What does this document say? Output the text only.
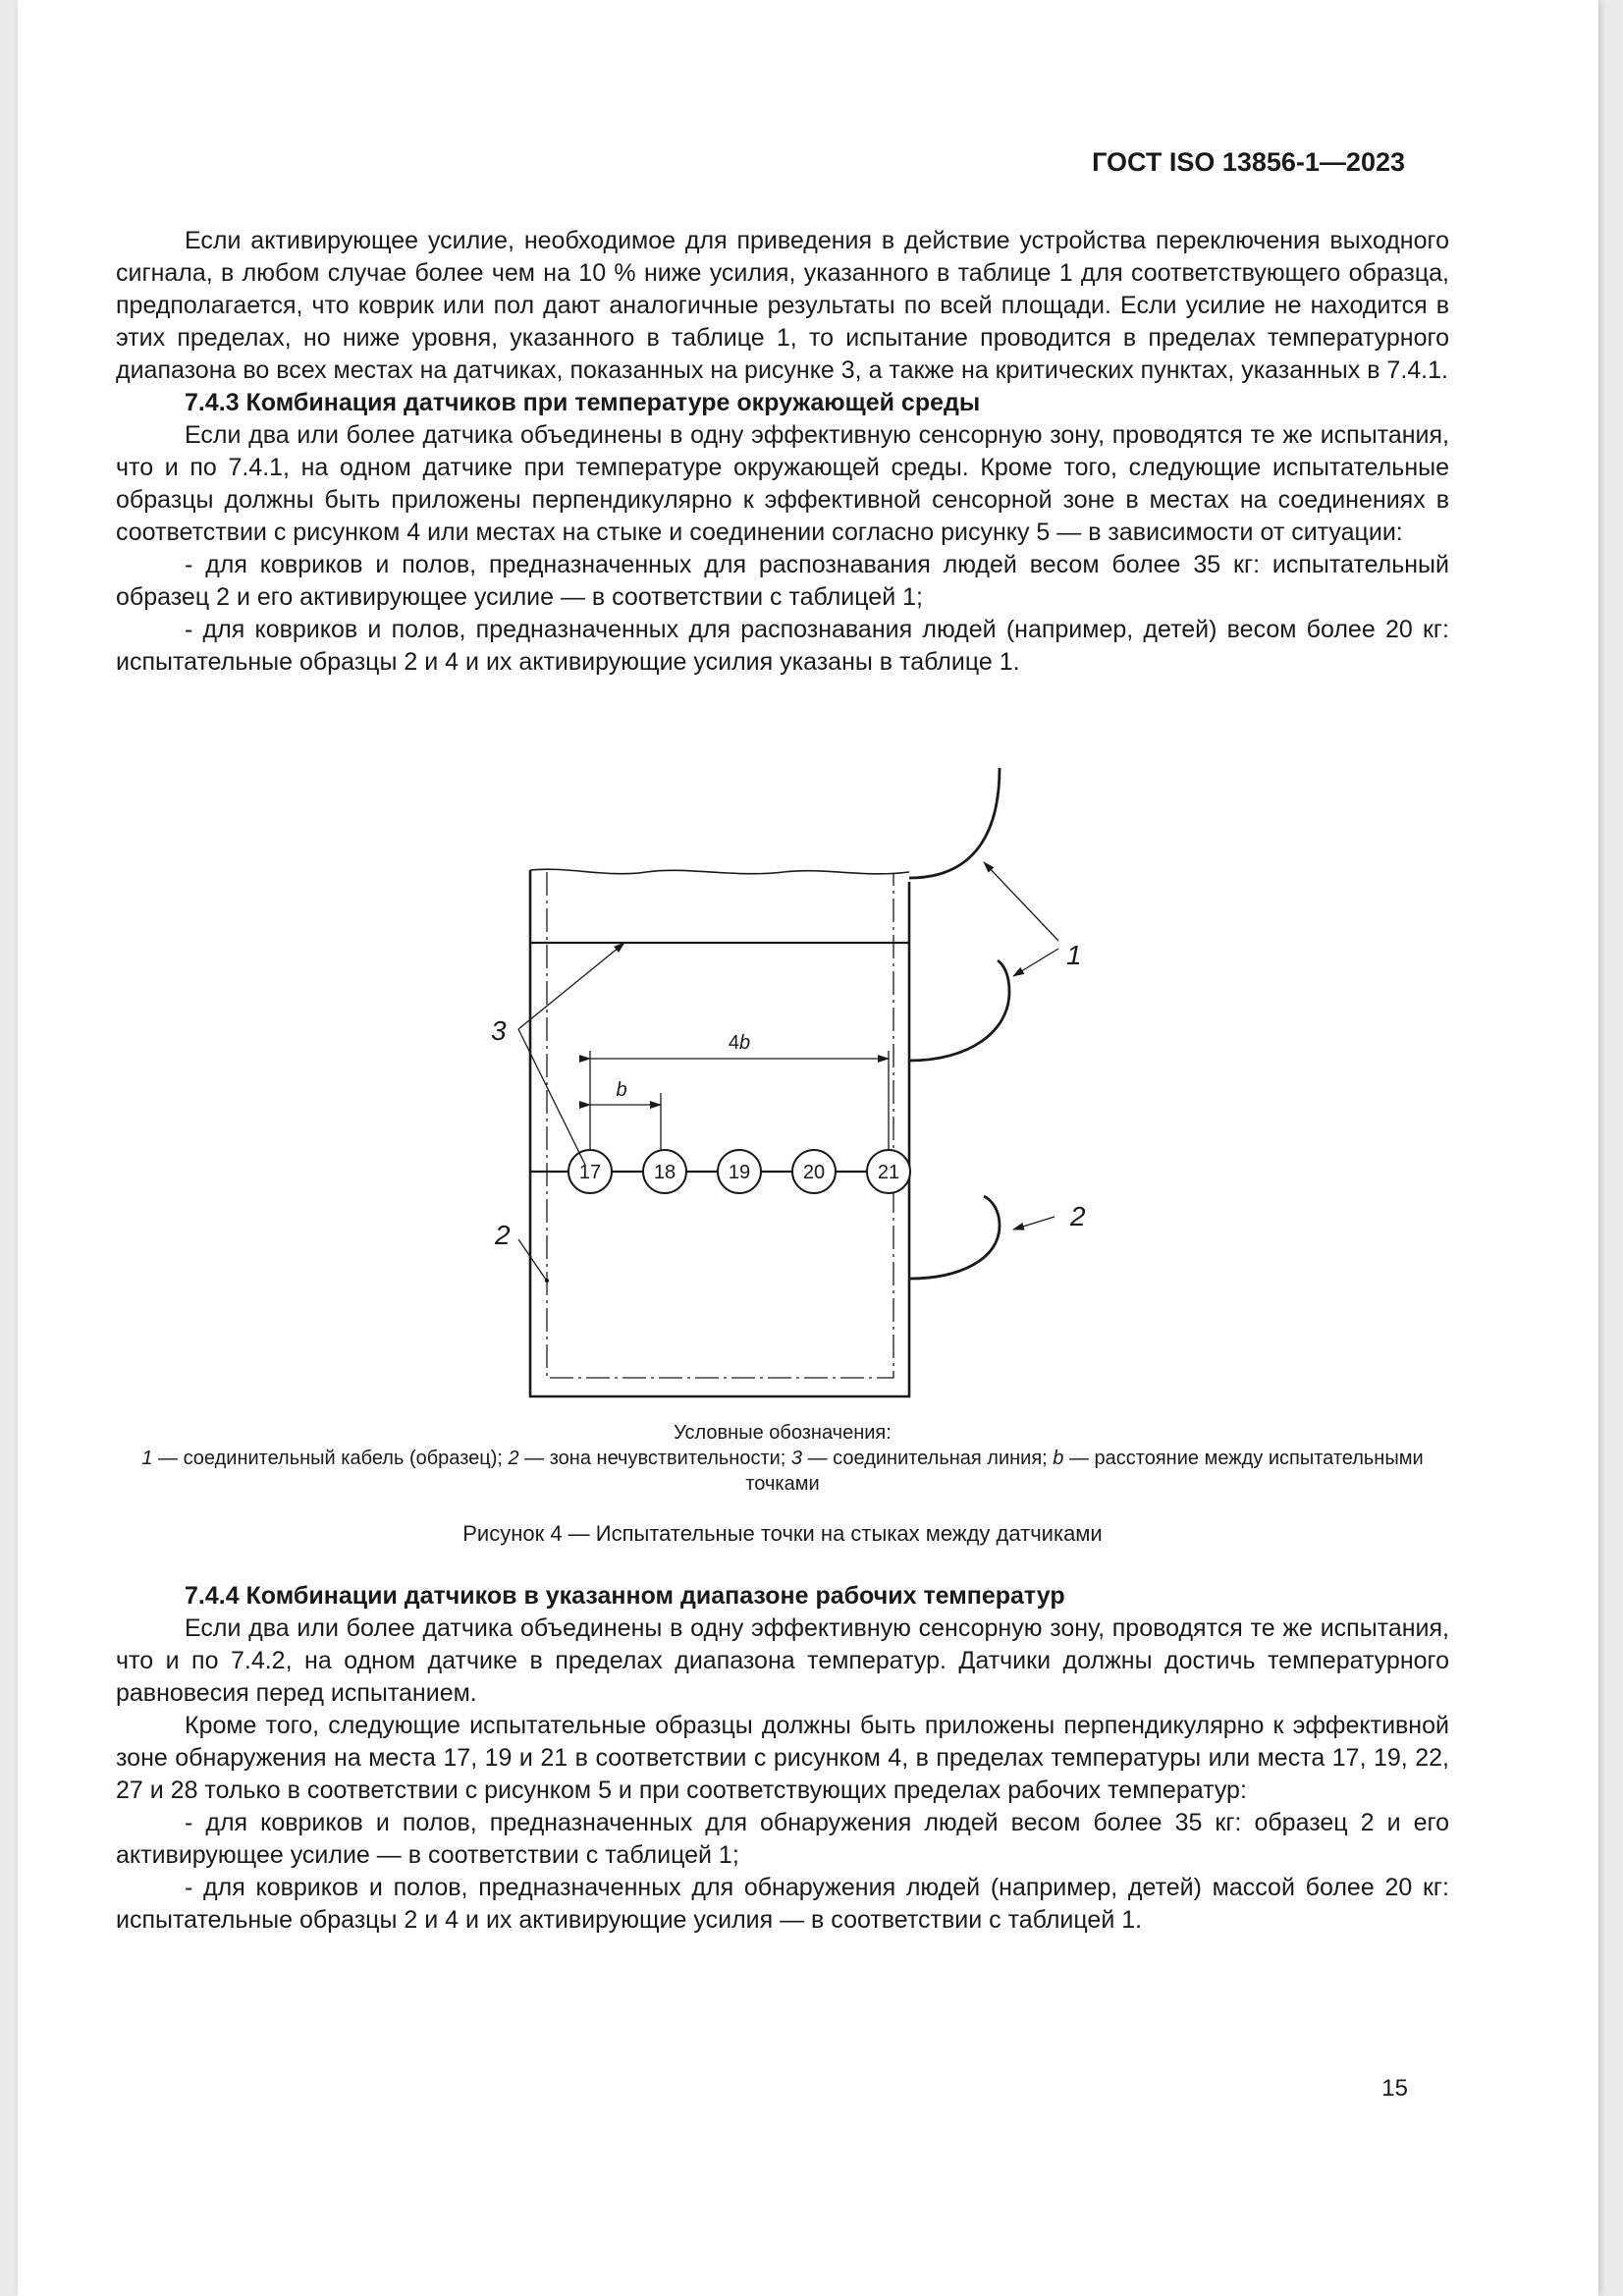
ГОСТ ISO 13856-1—2023

Если активирующее усилие, необходимое для приведения в действие устройства переключения выходного сигнала, в любом случае более чем на 10 % ниже усилия, указанного в таблице 1 для соответствующего образца, предполагается, что коврик или пол дают аналогичные результаты по всей площади. Если усилие не находится в этих пределах, но ниже уровня, указанного в таблице 1, то испытание проводится в пределах температурного диапазона во всех местах на датчиках, показанных на рисунке 3, а также на критических пунктах, указанных в 7.4.1.

7.4.3 Комбинация датчиков при температуре окружающей среды

Если два или более датчика объединены в одну эффективную сенсорную зону, проводятся те же испытания, что и по 7.4.1, на одном датчике при температуре окружающей среды. Кроме того, следующие испытательные образцы должны быть приложены перпендикулярно к эффективной сенсорной зоне в местах на соединениях в соответствии с рисунком 4 или местах на стыке и соединении согласно рисунку 5 — в зависимости от ситуации:

- для ковриков и полов, предназначенных для распознавания людей весом более 35 кг: испытательный образец 2 и его активирующее усилие — в соответствии с таблицей 1;

- для ковриков и полов, предназначенных для распознавания людей (например, детей) весом более 20 кг: испытательные образцы 2 и 4 и их активирующие усилия указаны в таблице 1.

b
4b
17	18	19	20	21
3
2
1
2
Условные обозначения:
1 — соединительный кабель (образец); 2 — зона нечувствительности; 3 — соединительная линия; b — расстояние между испытательными точками
Рисунок 4 — Испытательные точки на стыках между датчиками
7.4.4 Комбинации датчиков в указанном диапазоне рабочих температур

Если два или более датчика объединены в одну эффективную сенсорную зону, проводятся те же испытания, что и по 7.4.2, на одном датчике в пределах диапазона температур. Датчики должны достичь температурного равновесия перед испытанием.

Кроме того, следующие испытательные образцы должны быть приложены перпендикулярно к эффективной зоне обнаружения на места 17, 19 и 21 в соответствии с рисунком 4, в пределах температуры или места 17, 19, 22, 27 и 28 только в соответствии с рисунком 5 и при соответствующих пределах рабочих температур:

- для ковриков и полов, предназначенных для обнаружения людей весом более 35 кг: образец 2 и его активирующее усилие — в соответствии с таблицей 1;

- для ковриков и полов, предназначенных для обнаружения людей (например, детей) массой более 20 кг: испытательные образцы 2 и 4 и их активирующие усилия — в соответствии с таблицей 1.

15
